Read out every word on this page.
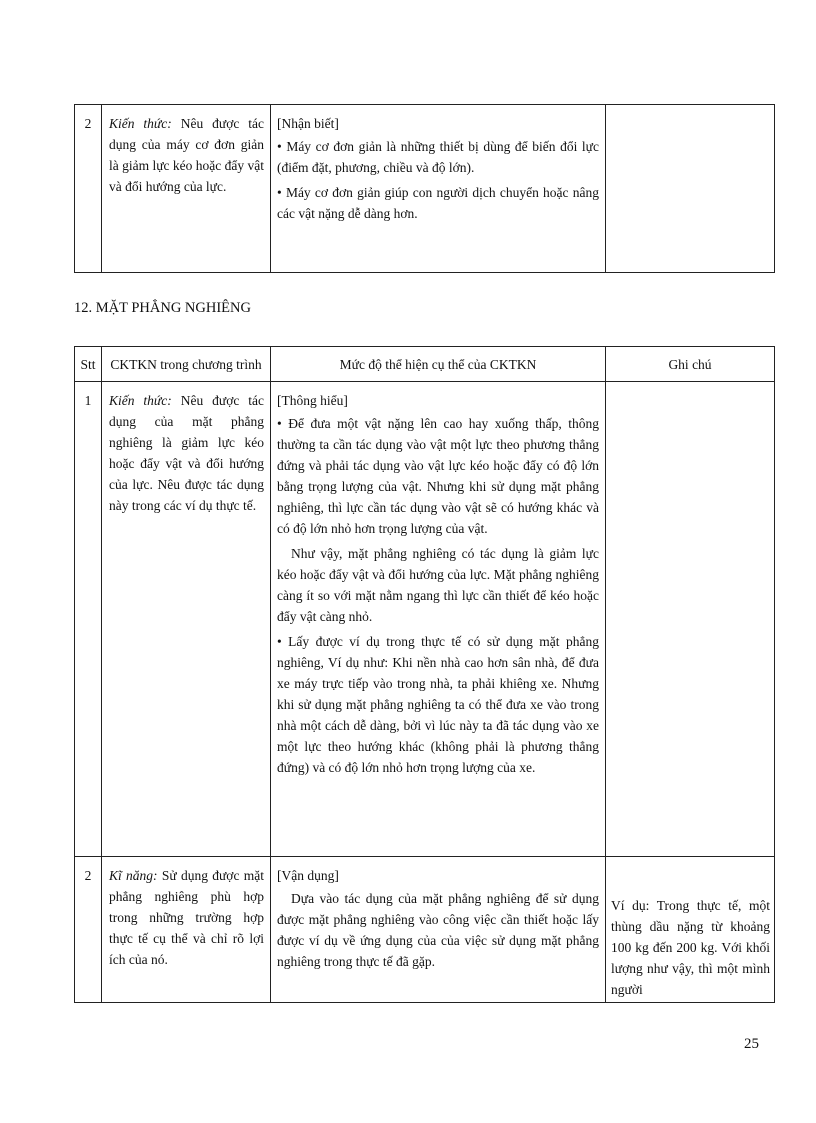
2	Kiến thức: Nêu được tác dụng của máy cơ đơn giản là giảm lực kéo hoặc đẩy vật và đổi hướng của lực.	
[Nhận biết]

• Máy cơ đơn giản là những thiết bị dùng để biến đổi lực (điểm đặt, phương, chiều và độ lớn).

• Máy cơ đơn giản giúp con người dịch chuyển hoặc nâng các vật nặng dễ dàng hơn.

12. MẶT PHẲNG NGHIÊNG
Stt	CKTKN trong chương trình	Mức độ thể hiện cụ thể của CKTKN	Ghi chú
1	Kiến thức: Nêu được tác dụng của mặt phẳng nghiêng là giảm lực kéo hoặc đẩy vật và đổi hướng của lực. Nêu được tác dụng này trong các ví dụ thực tế.	[Thông hiểu]

• Để đưa một vật nặng lên cao hay xuống thấp, thông thường ta cần tác dụng vào vật một lực theo phương thẳng đứng và phải tác dụng vào vật lực kéo hoặc đẩy có độ lớn bằng trọng lượng của vật. Nhưng khi sử dụng mặt phẳng nghiêng, thì lực cần tác dụng vào vật sẽ có hướng khác và có độ lớn nhỏ hơn trọng lượng của vật.

Như vậy, mặt phẳng nghiêng có tác dụng là giảm lực kéo hoặc đẩy vật và đổi hướng của lực. Mặt phẳng nghiêng càng ít so với mặt nằm ngang thì lực cần thiết để kéo hoặc đẩy vật càng nhỏ.

• Lấy được ví dụ trong thực tế có sử dụng mặt phẳng nghiêng, Ví dụ như: Khi nền nhà cao hơn sân nhà, để đưa xe máy trực tiếp vào trong nhà, ta phải khiêng xe. Nhưng khi sử dụng mặt phẳng nghiêng ta có thể đưa xe vào trong nhà một cách dễ dàng, bởi vì lúc này ta đã tác dụng vào xe một lực theo hướng khác (không phải là phương thẳng đứng) và có độ lớn nhỏ hơn trọng lượng của xe.	

2	Kĩ năng: Sử dụng được mặt phẳng nghiêng phù hợp trong những trường hợp thực tế cụ thể và chỉ rõ lợi ích của nó.	[Vận dụng]

Dựa vào tác dụng của mặt phẳng nghiêng để sử dụng được mặt phẳng nghiêng vào công việc cần thiết hoặc lấy được ví dụ về ứng dụng của của việc sử dụng mặt phẳng nghiêng trong thực tế đã gặp.	Ví dụ: Trong thực tế, một thùng dầu nặng từ khoảng 100 kg đến 200 kg. Với khối lượng như vậy, thì một mình người
25
